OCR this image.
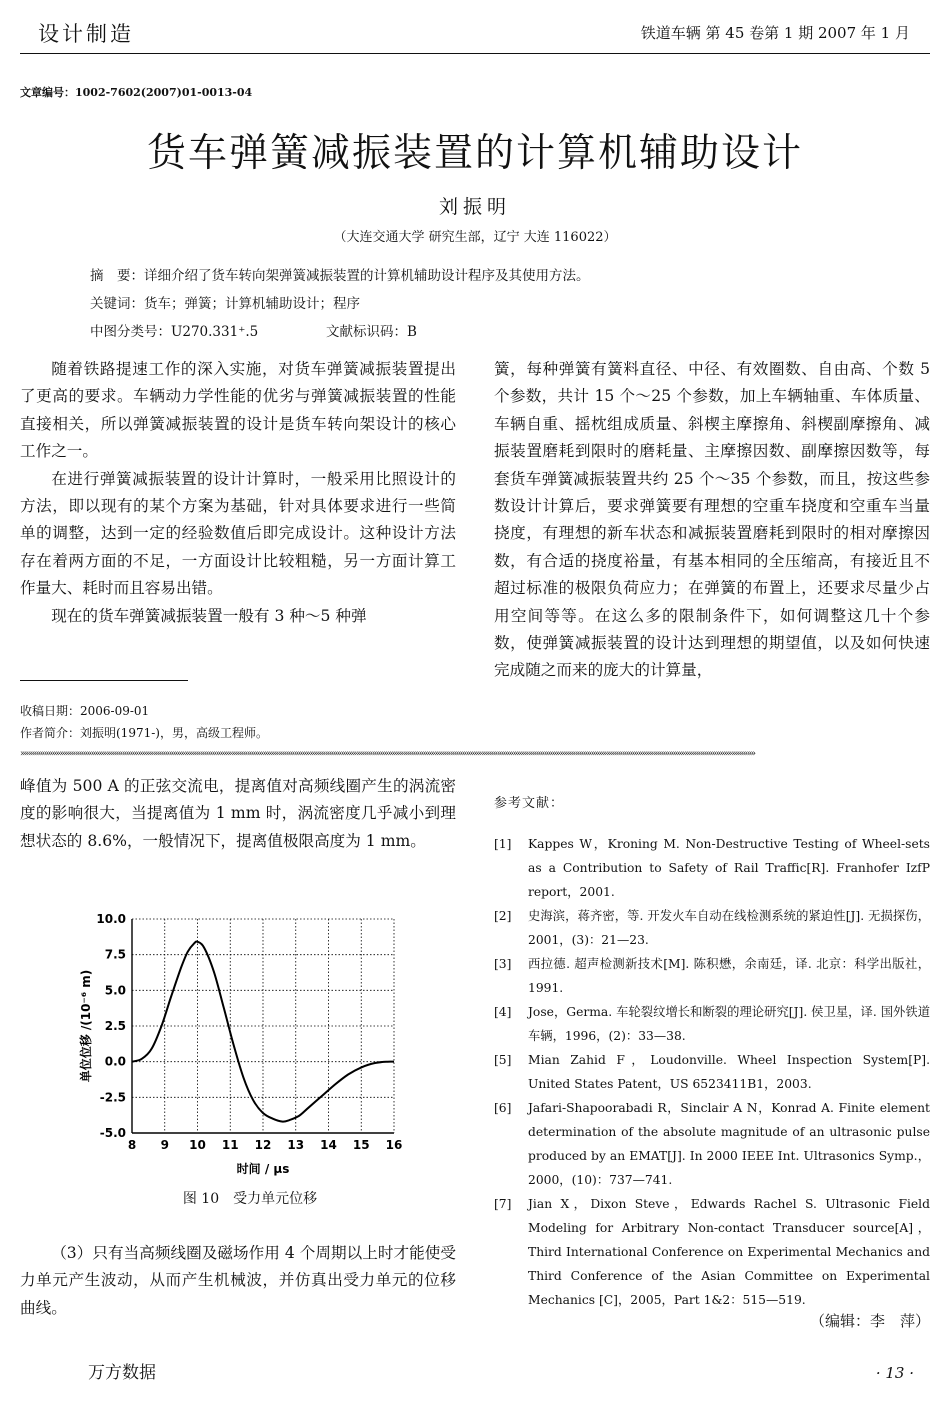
设计制造	铁道车辆 第 45 卷第 1 期 2007 年 1 月
文章编号：1002-7602(2007)01-0013-04
货车弹簧减振装置的计算机辅助设计
刘振明
（大连交通大学 研究生部，辽宁 大连 116022）
摘　要：详细介绍了货车转向架弹簧减振装置的计算机辅助设计程序及其使用方法。
关键词：货车；弹簧；计算机辅助设计；程序
中图分类号：U270.331⁺.5	文献标识码：B

随着铁路提速工作的深入实施，对货车弹簧减振装置提出了更高的要求。车辆动力学性能的优劣与弹簧减振装置的性能直接相关，所以弹簧减振装置的设计是货车转向架设计的核心工作之一。

在进行弹簧减振装置的设计计算时，一般采用比照设计的方法，即以现有的某个方案为基础，针对具体要求进行一些简单的调整，达到一定的经验数值后即完成设计。这种设计方法存在着两方面的不足，一方面设计比较粗糙，另一方面计算工作量大、耗时而且容易出错。

现在的货车弹簧减振装置一般有 3 种～5 种弹

簧，每种弹簧有簧料直径、中径、有效圈数、自由高、个数 5 个参数，共计 15 个～25 个参数，加上车辆轴重、车体质量、车辆自重、摇枕组成质量、斜楔主摩擦角、斜楔副摩擦角、减振装置磨耗到限时的磨耗量、主摩擦因数、副摩擦因数等，每套货车弹簧减振装置共约 25 个～35 个参数，而且，按这些参数设计计算后，要求弹簧要有理想的空重车挠度和空重车当量挠度，有理想的新车状态和减振装置磨耗到限时的相对摩擦因数，有合适的挠度裕量，有基本相同的全压缩高，有接近且不超过标准的极限负荷应力；在弹簧的布置上，还要求尽量少占用空间等等。在这么多的限制条件下，如何调整这几十个参数，使弹簧减振装置的设计达到理想的期望值，以及如何快速完成随之而来的庞大的计算量，

收稿日期：2006-09-01
作者简介：刘振明(1971-)，男，高级工程师。
»»»»»»»»»»»»»»»»»»»»»»»»»»»»»»»»»»»»»»»»»»»»»»»»»»»»»»»»»»»»»»»»»»»»»»»»»»»»»»»»»»»»»»»»»»»»»»»»»»»»»»»»»»»»»»»»»»»»»»»»»»»»»»»»»»»»»»»»»»»»»»»»»»»»»»»»»»»»»»»»»»»»»»»»»»»»»»»»»»»»»»»»»»»»

峰值为 500 A 的正弦交流电，提离值对高频线圈产生的涡流密度的影响很大，当提离值为 1 mm 时，涡流密度几乎减小到理想状态的 8.6%，一般情况下，提离值极限高度为 1 mm。

8 9 10 11 12 13 14 15 16
10.0
7.5
5.0
2.5
0.0
-2.5
-5.0
时间 / μs
单位位移 /(10⁻⁶ m)
图 10　受力单元位移

（3）只有当高频线圈及磁场作用 4 个周期以上时才能使受力单元产生波动，从而产生机械波，并仿真出受力单元的位移曲线。

参考文献：
[1] Kappes W，Kroning M. Non-Destructive Testing of Wheel-sets as a Contribution to Safety of Rail Traffic[R]. Franhofer IzfP report，2001.
[2] 史海滨，蒋齐密，等. 开发火车自动在线检测系统的紧迫性[J]. 无损探伤，2001，(3)：21—23.
[3] 西拉德. 超声检测新技术[M]. 陈积懋，余南廷，译. 北京：科学出版社，1991.
[4] Jose，Germa. 车轮裂纹增长和断裂的理论研究[J]. 侯卫星，译. 国外铁道车辆，1996，(2)：33—38.
[5] Mian Zahid F，Loudonville. Wheel Inspection System[P]. United States Patent，US 6523411B1，2003.
[6] Jafari-Shapoorabadi R，Sinclair A N，Konrad A. Finite element determination of the absolute magnitude of an ultrasonic pulse produced by an EMAT[J]. In 2000 IEEE Int. Ultrasonics Symp.，2000，(10)：737—741.
[7] Jian X，Dixon Steve，Edwards Rachel S. Ultrasonic Field Modeling for Arbitrary Non-contact Transducer source[A]，Third International Conference on Experimental Mechanics and Third Conference of the Asian Committee on Experimental Mechanics [C]，2005，Part 1&2：515—519.
（编辑：李　萍）
万方数据	· 13 ·
